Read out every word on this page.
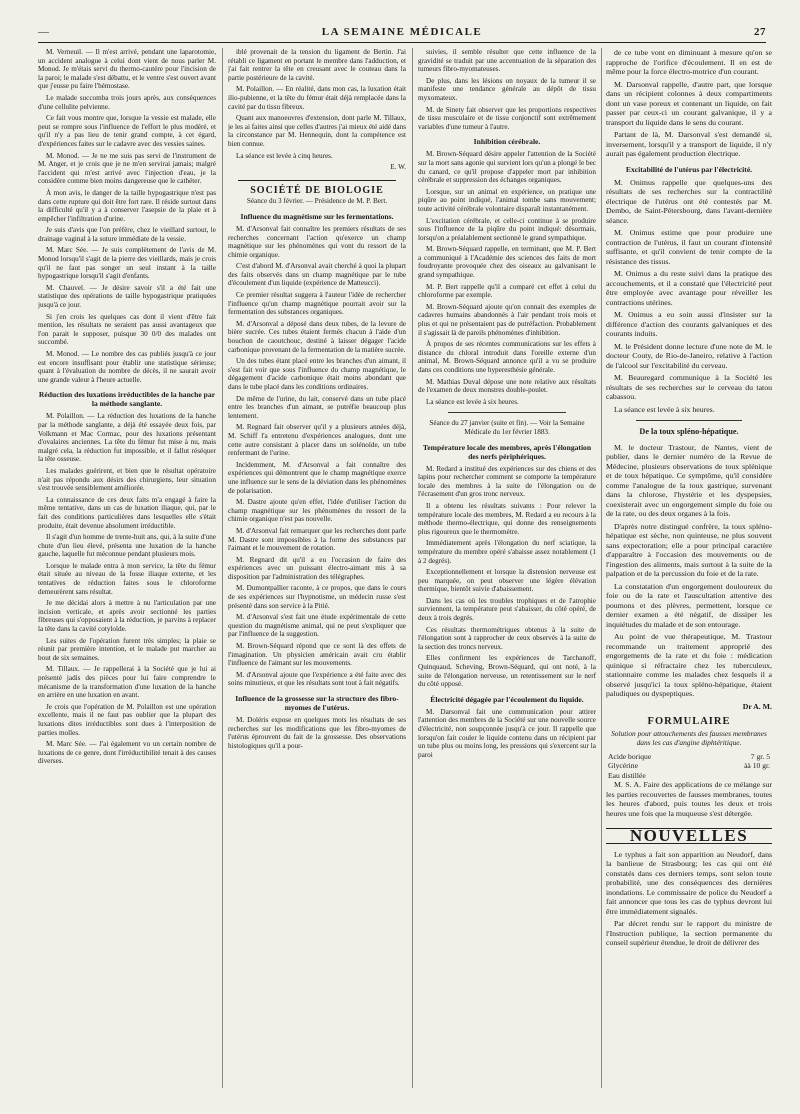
—	LA SEMAINE MÉDICALE	27

M. Verneuil. — Il m'est arrivé, pendant une laparotomie, un accident analogue à celui dont vient de nous parler M. Monod. Je m'étais servi du thermo-cautère pour l'incision de la paroi; le malade s'est débattu, et le ventre s'est ouvert avant que j'eusse pu faire l'hémostase.

Le malade succomba trois jours après, aux conséquences d'une cellulite pelvienne.

Ce fait vous montre que, lorsque la vessie est malade, elle peut se rompre sous l'influence de l'effort le plus modéré, et qu'il n'y a pas lieu de tenir grand compte, à cet égard, d'expériences faites sur le cadavre avec des vessies saines.

M. Monod. — Je ne me suis pas servi de l'instrument de M. Anger, et je crois que je ne m'en servirai jamais; malgré l'accident qui m'est arrivé avec l'injection d'eau, je la considère comme bien moins dangereuse que le cathéter.

À mon avis, le danger de la taille hypogastrique n'est pas dans cette rupture qui doit être fort rare. Il réside surtout dans la difficulté qu'il y a à conserver l'asepsie de la plaie et à empêcher l'infiltration d'urine.

Je suis d'avis que l'on préfère, chez le vieillard surtout, le drainage vaginal à la suture immédiate de la vessie.

M. Marc Sée. — Je suis complètement de l'avis de M. Monod lorsqu'il s'agit de la pierre des vieillards, mais je crois qu'il ne faut pas songer un seul instant à la taille hypogastrique lorsqu'il s'agit d'enfants.

M. Chauvel. — Je désire savoir s'il a été fait une statistique des opérations de taille hypogastrique pratiquées jusqu'à ce jour.

Si j'en crois les quelques cas dont il vient d'être fait mention, les résultats ne seraient pas aussi avantageux que l'on parait le supposer, puisque 30 0/0 des malades ont succombé.

M. Monod. — Le nombre des cas publiés jusqu'à ce jour est encore insuffisant pour établir une statistique sérieuse; quant à l'évaluation du nombre de décès, il ne saurait avoir une grande valeur à l'heure actuelle.

Réduction des luxations irréductibles de la hanche par la méthode sanglante.

M. Polaillon. — La réduction des luxations de la hanche par la méthode sanglante, a déjà été essayée deux fois, par Volkmann et Mac Cormac, pour des luxations présentant d'ovalaires anciennes. La tête du fémur fut mise à nu, mais malgré cela, la réduction fut impossible, et il fallut réséquer la tête osseuse.

Les malades guérirent, et bien que le résultat opératoire n'ait pas répondu aux désirs des chirurgiens, leur situation s'est trouvée sensiblement améliorée.

La connaissance de ces deux faits m'a engagé à faire la même tentative, dans un cas de luxation iliaque, qui, par le fait des conditions particulières dans lesquelles elle s'était produite, était devenue absolument irréductible.

Il s'agit d'un homme de trente-huit ans, qui, à la suite d'une chute d'un lieu élevé, présenta une luxation de la hanche gauche, laquelle fut méconnue pendant plusieurs mois.

Lorsque le malade entra à mon service, la tête du fémur était située au niveau de la fosse iliaque externe, et les tentatives de réduction faites sous le chloroforme demeurèrent sans résultat.

Je me décidai alors à mettre à nu l'articulation par une incision verticale, et après avoir sectionné les parties fibreuses qui s'opposaient à la réduction, je parvins à replacer la tête dans la cavité cotyloïde.

Les suites de l'opération furent très simples; la plaie se réunit par première intention, et le malade put marcher au bout de six semaines.

M. Tillaux. — Je rappellerai à la Société que je lui ai présenté jadis des pièces pour lui faire comprendre le mécanisme de la transformation d'une luxation de la hanche en arrière en une luxation en avant.

Je crois que l'opération de M. Polaillon est une opération excellente, mais il ne faut pas oublier que la plupart des luxations dites irréductibles sont dues à l'interposition de parties molles.

M. Marc Sée. — J'ai également vu un certain nombre de luxations de ce genre, dont l'irréductibilité tenait à des causes diverses.

iblé provenait de la tension du ligament de Bertin. J'ai rétabli ce ligament en portant le membre dans l'adduction, et j'ai fait rentrer la tête en creusant avec le couteau dans la partie postérieure de la cavité.

M. Polaillon. — En réalité, dans mon cas, la luxation était ilio-pubienne, et la tête du fémur était déjà remplacée dans la cavité par du tissu fibreux.

Quant aux manoeuvres d'extension, dont parle M. Tillaux, je les ai faites ainsi que celles d'autres j'ai mieux été aidé dans la circonstance par M. Hennequin, dont la compétence est bien connue.

La séance est levée à cinq heures.

E. W.

SOCIÉTÉ DE BIOLOGIE

Séance du 3 février. — Présidence de M. P. Bert.

Influence du magnétisme sur les fermentations.

M. d'Arsonval fait connaître les premiers résultats de ses recherches concernant l'action qu'exerce un champ magnétique sur les phénomènes qui vont du ressort de la chimie organique.

C'est d'abord M. d'Arsonval avait cherché à quoi la plupart des faits observés dans un champ magnétique par le tube d'écoulement d'un liquide (expérience de Matteucci).

Ce premier résultat suggera à l'auteur l'idée de rechercher l'influence qu'un champ magnétique pourrait avoir sur la fermentation des substances organiques.

M. d'Arsonval a déposé dans deux tubes, de la levure de bière sucrée. Ces tubes étaient fermés chacun à l'aide d'un bouchon de caoutchouc, destiné à laisser dégager l'acide carbonique provenant de la fermentation de la matière sucrée.

Un des tubes étant placé entre les branches d'un aimant, il s'est fait voir que sous l'influence du champ magnétique, le dégagement d'acide carbonique était moins abondant que dans le tube placé dans les conditions ordinaires.

De même de l'urine, du lait, conservé dans un tube placé entre les branches d'un aimant, se putréfie beaucoup plus lentement.

M. Regnard fait observer qu'il y a plusieurs années déjà, M. Schiff l'a entretenu d'expériences analogues, dont une cette autre consistant à placer dans un solénoïde, un tube renfermant de l'urine.

Incidemment, M. d'Arsonval a fait connaître des expériences qui démontrent que le champ magnétique exerce une influence sur le sens de la déviation dans les phénomènes de polarisation.

M. Dastre ajoute qu'en effet, l'idée d'utiliser l'action du champ magnétique sur les phénomènes du ressort de la chimie organique n'est pas nouvelle.

M. d'Arsonval fait remarquer que les recherches dont parle M. Dastre sont impossibles à la forme des substances par l'aimant et le mouvement de rotation.

M. Regnard dit qu'il a eu l'occasion de faire des expériences avec un puissant électro-aimant mis à sa disposition par l'administration des télégraphes.

M. Dumontpallier raconte, à ce propos, que dans le cours de ses expériences sur l'hypnotisme, un médecin russe s'est présenté dans son service à la Pitié.

M. d'Arsonval s'est fait une étude expérimentale de cette question du magnétisme animal, qui ne peut s'expliquer que par l'influence de la suggestion.

M. Brown-Séquard répond que ce sont là des effets de l'imagination. Un physicien américain avait cru établir l'influence de l'aimant sur les mouvements.

M. d'Arsonval ajoute que l'expérience a été faite avec des soins minutieux, et que les résultats sont tout à fait négatifs.

Influence de la grossesse sur la structure des fibro-myomes de l'utérus.

M. Doléris expose en quelques mots les résultats de ses recherches sur les modifications que les fibro-myomes de l'utérus éprouvent du fait de la grossesse. Des observations histologiques qu'il a pour-

suivies, il semble résulter que cette influence de la gravidité se traduit par une accentuation de la séparation des tumeurs fibro-myomateuses.

De plus, dans les lésions on noyaux de la tumeur il se manifeste une tendance générale au dépôt de tissu myxomateux.

M. de Sinety fait observer que les proportions respectives de tissu musculaire et de tissu conjonctif sont extrêmement variables d'une tumeur à l'autre.

Inhibition cérébrale.

M. Brown-Séquard désire appeler l'attention de la Société sur la mort sans agonie qui survient lors qu'un a plongé le bec du canard, ce qu'il propose d'appeler mort par inhibition cérébrale et suppression des échanges organiques.

Lorsque, sur un animal en expérience, on pratique une piqûre au point indiqué, l'animal tombe sans mouvement; toute activité cérébrale volontaire disparaît instantanément.

L'excitation cérébrale, et celle-ci continue à se produire sous l'influence de la piqûre du point indiqué: désormais, lorsqu'on a préalablement sectionné le grand sympathique.

M. Brown-Séquard rappelle, en terminant, que M. P. Bert a communiqué à l'Académie des sciences des faits de mort foudroyante provoquée chez des oiseaux au galvanisant le grand sympathique.

M. P. Bert rappelle qu'il a comparé cet effet à celui du chloroforme par exemple.

M. Brown-Séquard ajoute qu'on connait des exemples de cadavres humains abandonnés à l'air pendant trois mois et plus et qui ne présentaient pas de putréfaction. Probablement il s'agissait là de pareils phénomènes d'inhibition.

À propos de ses récentes communications sur les effets à distance du chloral introduit dans l'oreille externe d'un animal, M. Brown-Séquard annonce qu'il a vu se produire dans ces conditions une hyperesthésie générale.

M. Mathias Duval dépose une note relative aux résultats de l'examen de deux monstres double-poulet.

La séance est levée à six heures.

Séance du 27 janvier (suite et fin). — Voir la Semaine Médicale du 1er février 1883.

Température locale des membres, après l'élongation des nerfs périphériques.

M. Redard a institué des expériences sur des chiens et des lapins pour rechercher comment se comporte la température locale des membres à la suite de l'élongation ou de l'écrasement d'un gros tronc nerveux.

Il a obtenu les résultats suivants : Pour relever la température locale des membres, M. Redard a eu recours à la méthode thermo-électrique, qui donne des renseignements plus rigoureux que le thermomètre.

Immédiatement après l'élongation du nerf sciatique, la température du membre opéré s'abaisse assez notablement (1 à 2 degrés).

Exceptionnellement et lorsque la distension nerveuse est peu marquée, on peut observer une légère élévation thermique, bientôt suivie d'abaissement.

Dans les cas où les troubles trophiques et de l'atrophie surviennent, la température peut s'abaisser, du côté opéré, de deux à trois degrés.

Ces résultats thermométriques obtenus à la suite de l'élongation sont à rapprocher de ceux observés à la suite de la section des troncs nerveux.

Elles confirment les expériences de Tarchanoff, Quinquaud, Scheving, Brown-Séquard, qui ont noté, à la suite de l'élongation nerveuse, un retentissement sur le nerf du côté opposé.

Électricité dégagée par l'écoulement du liquide.

M. Darsonval fait une communication pour attirer l'attention des membres de la Société sur une nouvelle source d'électricité, non soupçonnée jusqu'à ce jour. Il rappelle que lorsqu'on fait couler le liquide contenu dans un récipient par un tube plus ou moins long, les pressions qui s'exercent sur la paroi

de ce tube vont en diminuant à mesure qu'on se rapproche de l'orifice d'écoulement. Il en est de même pour la force électro-motrice d'un courant.

M. Darsonval rappelle, d'autre part, que lorsque dans un récipient colonnes à deux compartiments dont un vase poreux et contenant un liquide, on fait passer par ceux-ci un courant galvanique, il y a transport du liquide dans le sens du courant.

Partant de là, M. Darsonval s'est demandé si, inversement, lorsqu'il y a transport de liquide, il n'y aurait pas également production électrique.

Excitabilité de l'utérus par l'électricité.

M. Onimus rappelle que quelques-uns des résultats de ses recherches sur la contractilité électrique de l'utérus ont été contestés par M. Dembo, de Saint-Pétersbourg, dans l'avant-dernière séance.

M. Onimus estime que pour produire une contraction de l'utérus, il faut un courant d'intensité suffisante, et qu'il convient de tenir compte de la résistance des tissus.

M. Onimus a du reste suivi dans la pratique des accouchements, et il a constaté que l'électricité peut être employée avec avantage pour réveiller les contractions utérines.

M. Onimus a eu soin aussi d'insister sur la différence d'action des courants galvaniques et des courants induits.

M. le Président donne lecture d'une note de M. le docteur Couty, de Rio-de-Janeiro, relative à l'action de l'alcool sur l'excitabilité du cerveau.

M. Beauregard communique à la Société les résultats de ses recherches sur le cerveau du tatou cabassou.

La séance est levée à six heures.

De la toux spléno-hépatique.

M. le docteur Trastour, de Nantes, vient de publier, dans le dernier numéro de la Revue de Médecine, plusieurs observations de toux splénique et de toux hépatique. Ce symptôme, qu'il considère comme l'analogue de la toux gastrique, survenant dans la chlorose, l'hystérie et les dyspepsies, coexisterait avec un engorgement simple du foie ou de la rate, ou des deux organes à la fois.

D'après notre distingué confrère, la toux spléno-hépatique est sèche, non quinteuse, ne plus souvent sans expectoration; elle a pour principal caractère d'apparaître à l'occasion des mouvements ou de l'ingestion des aliments, mais surtout à la suite de la palpation et de la percussion du foie et de la rate.

La constatation d'un engorgement douloureux du foie ou de la rate et l'auscultation attentive des poumons et des plèvres, permettent, lorsque ce dernier examen a été négatif, de dissiper les inquiétudes du malade et de son entourage.

Au point de vue thérapeutique, M. Trastour recommande un traitement approprié des engorgements de la rate et du foie : médication quinique si réfractaire chez les tuberculeux, stationnaire comme les malades chez lesquels il a observé jusqu'ici la toux spléno-hépatique, étaient paludiques ou dyspeptiques.

Dr A. M.

FORMULAIRE
Solution pour attouchements des fausses membranes dans les cas d'angine diphtéritique.
Acide borique	7 gr. 5
Glycérine	àà 10 gr.
Eau distillée	

M. S. A. Faire des applications de ce mélange sur les parties recouvertes de fausses membranes, toutes les heures d'abord, puis toutes les deux et trois heures une fois que la muqueuse s'est détergée.

NOUVELLES

Le typhus a fait son apparition au Neudorf, dans la banlieue de Strasbourg; les cas qui ont été constatés dans ces derniers temps, sont selon toute probabilité, une des conséquences des dernières inondations. Le commissaire de police du Neudorf a fait annoncer que tous les cas de typhus devront lui être immédiatement signalés.

Par décret rendu sur le rapport du ministre de l'Instruction publique, la section permanente du conseil supérieur étendue, le droit de délivrer des
